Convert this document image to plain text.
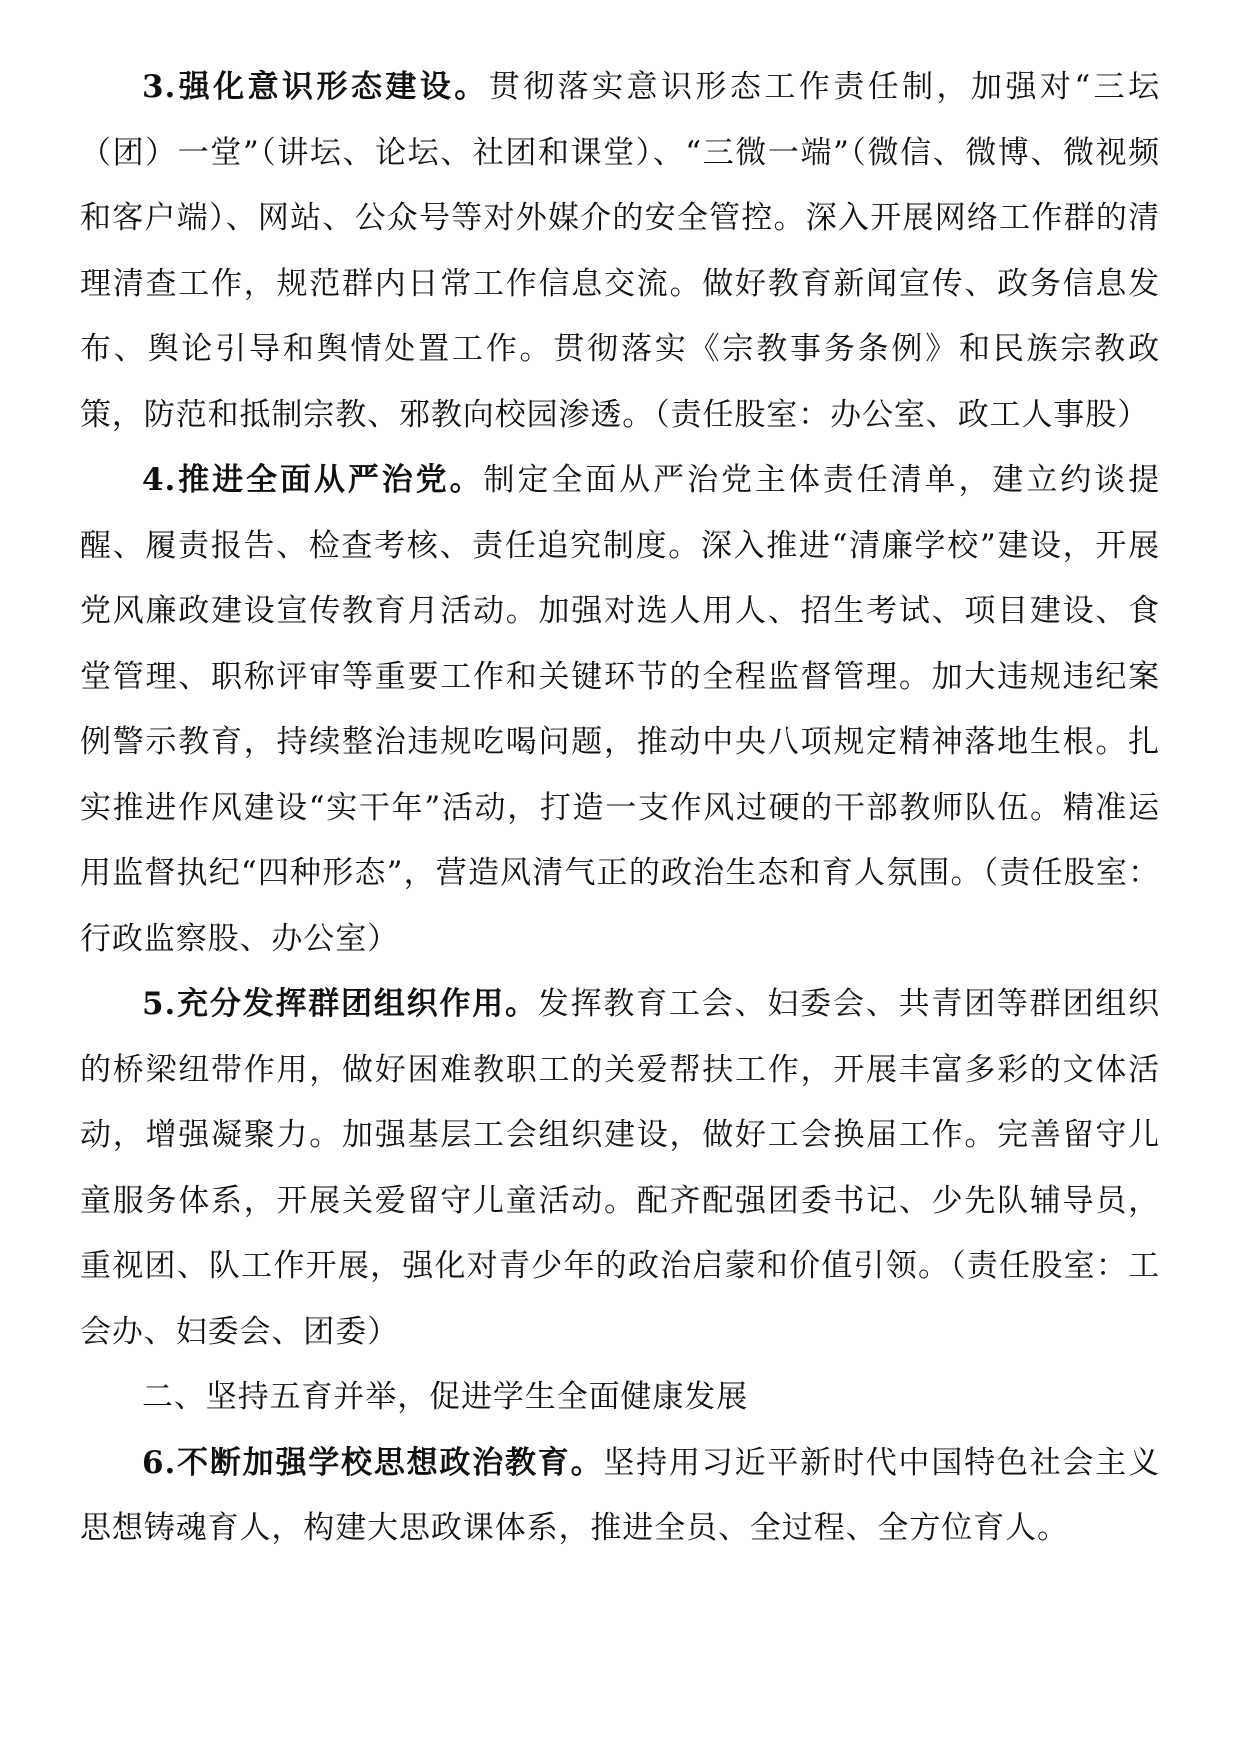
3.强化意识形态建设。贯彻落实意识形态工作责任制，加强对“三坛（团）一堂”（讲坛、论坛、社团和课堂）、“三微一端”（微信、微博、微视频和客户端）、网站、公众号等对外媒介的安全管控。深入开展网络工作群的清理清查工作，规范群内日常工作信息交流。做好教育新闻宣传、政务信息发布、舆论引导和舆情处置工作。贯彻落实《宗教事务条例》和民族宗教政策，防范和抵制宗教、邪教向校园渗透。（责任股室：办公室、政工人事股）

4.推进全面从严治党。制定全面从严治党主体责任清单，建立约谈提醒、履责报告、检查考核、责任追究制度。深入推进“清廉学校”建设，开展党风廉政建设宣传教育月活动。加强对选人用人、招生考试、项目建设、食堂管理、职称评审等重要工作和关键环节的全程监督管理。加大违规违纪案例警示教育，持续整治违规吃喝问题，推动中央八项规定精神落地生根。扎实推进作风建设“实干年”活动，打造一支作风过硬的干部教师队伍。精准运用监督执纪“四种形态”，营造风清气正的政治生态和育人氛围。（责任股室：行政监察股、办公室）

5.充分发挥群团组织作用。发挥教育工会、妇委会、共青团等群团组织的桥梁纽带作用，做好困难教职工的关爱帮扶工作，开展丰富多彩的文体活动，增强凝聚力。加强基层工会组织建设，做好工会换届工作。完善留守儿童服务体系，开展关爱留守儿童活动。配齐配强团委书记、少先队辅导员，重视团、队工作开展，强化对青少年的政治启蒙和价值引领。（责任股室：工会办、妇委会、团委）

二、坚持五育并举，促进学生全面健康发展

6.不断加强学校思想政治教育。坚持用习近平新时代中国特色社会主义思想铸魂育人，构建大思政课体系，推进全员、全过程、全方位育人。
